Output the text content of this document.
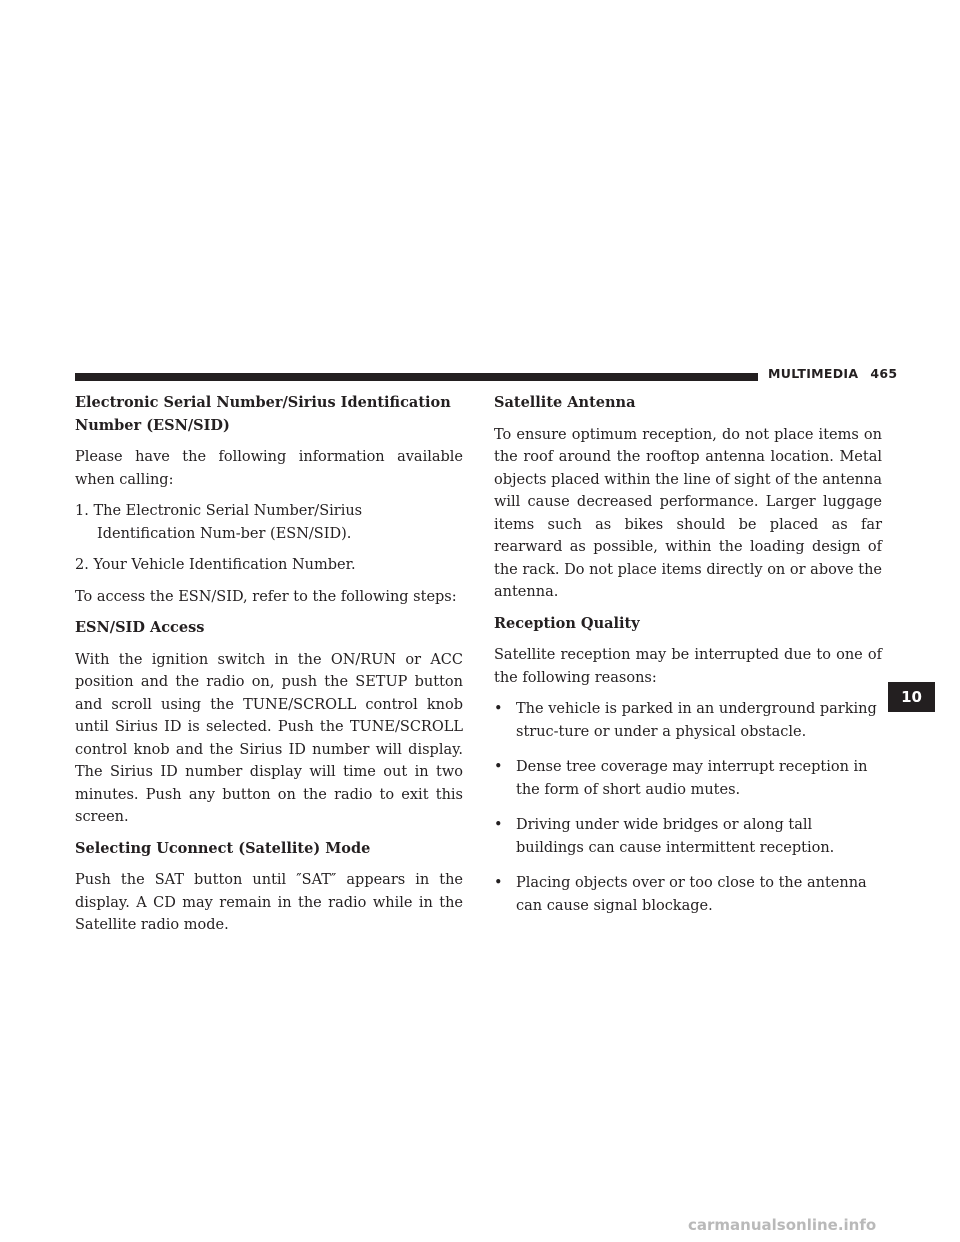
MULTIMEDIA 465
Electronic Serial Number/Sirius Identification Number (ESN/SID)

Please have the following information available when calling:

1. The Electronic Serial Number/Sirius Identification Num-ber (ESN/SID).
2. Your Vehicle Identification Number.

To access the ESN/SID, refer to the following steps:

ESN/SID Access

With the ignition switch in the ON/RUN or ACC position and the radio on, push the SETUP button and scroll using the TUNE/SCROLL control knob until Sirius ID is selected. Push the TUNE/SCROLL control knob and the Sirius ID number will display. The Sirius ID number display will time out in two minutes. Push any button on the radio to exit this screen.

Selecting Uconnect (Satellite) Mode

Push the SAT button until ″SAT″ appears in the display. A CD may remain in the radio while in the Satellite radio mode.

Satellite Antenna

To ensure optimum reception, do not place items on the roof around the rooftop antenna location. Metal objects placed within the line of sight of the antenna will cause decreased performance. Larger luggage items such as bikes should be placed as far rearward as possible, within the loading design of the rack. Do not place items directly on or above the antenna.

Reception Quality

Satellite reception may be interrupted due to one of the following reasons:

• The vehicle is parked in an underground parking struc-ture or under a physical obstacle.
• Dense tree coverage may interrupt reception in the form of short audio mutes.
• Driving under wide bridges or along tall buildings can cause intermittent reception.
• Placing objects over or too close to the antenna can cause signal blockage.
10
carmanualsonline.info
